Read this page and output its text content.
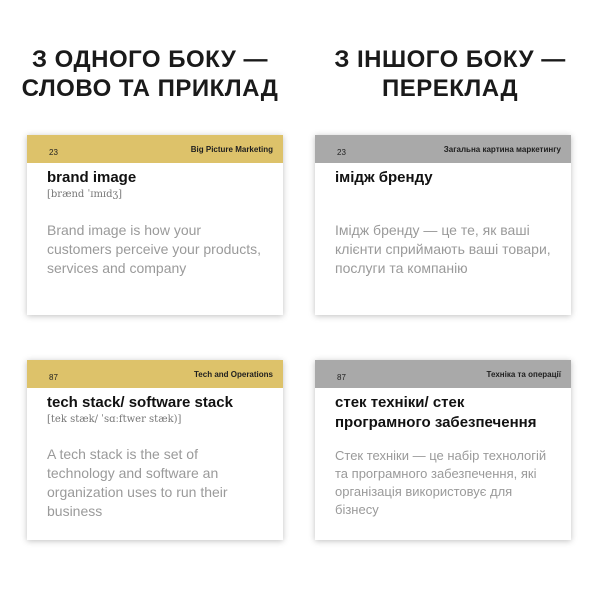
З ОДНОГО БОКУ —
СЛОВО ТА ПРИКЛАД
З ІНШОГО БОКУ —
ПЕРЕКЛАД
23	Big Picture Marketing
brand image
[brænd ˈɪmɪdʒ]
Brand image is how your customers perceive your products, services and company
23	Загальна картина маркетингу
імідж бренду
Імідж бренду — це те, як ваші клієнти сприймають ваші товари, послуги та компанію
87	Tech and Operations
tech stack/ software stack
[tek stæk/ ˈsɑːftwer stæk)]
A tech stack is the set of technology and software an organization uses to run their business
87	Техніка та операції
стек техніки/ стек програмного забезпечення
Стек техніки — це набір технологій та програмного забезпечення, які організація використовує для бізнесу
